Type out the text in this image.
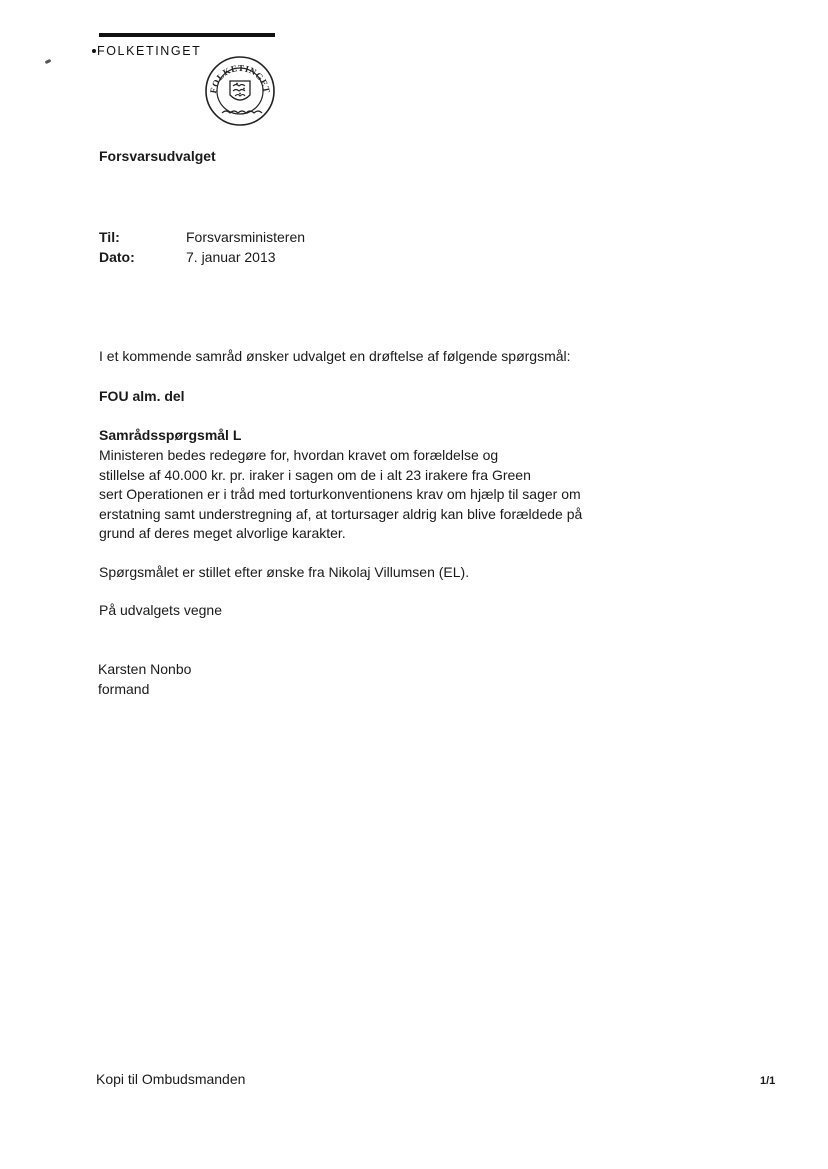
FOLKETINGET
FOLKETINGET
Forsvarsudvalget
Til:	Forsvarsministeren
Dato:	7. januar 2013
I et kommende samråd ønsker udvalget en drøftelse af følgende spørgsmål:
FOU alm. del
Samrådsspørgsmål L
Ministeren bedes redegøre for, hvordan kravet om forældelse og
stillelse af 40.000 kr. pr. iraker i sagen om de i alt 23 irakere fra Green
sert Operationen er i tråd med torturkonventionens krav om hjælp til sager om
erstatning samt understregning af, at tortursager aldrig kan blive forældede på
grund af deres meget alvorlige karakter.
Spørgsmålet er stillet efter ønske fra Nikolaj Villumsen (EL).
På udvalgets vegne
Karsten Nonbo
formand
Kopi til Ombudsmanden	1/1
